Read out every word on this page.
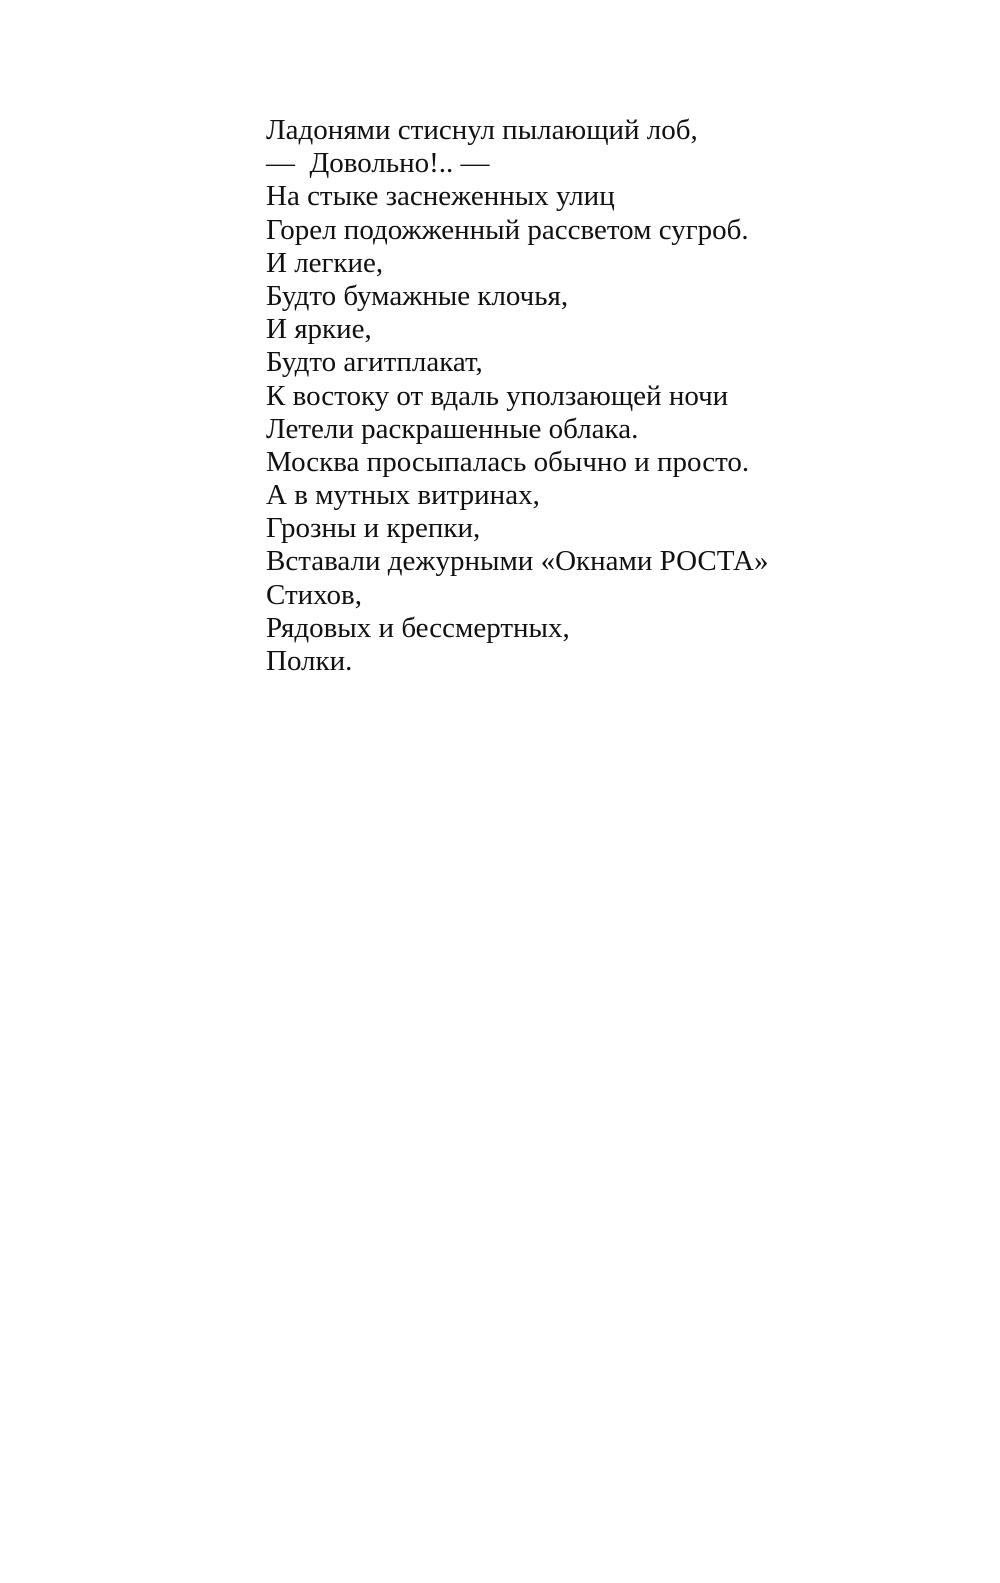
Ладонями стиснул пылающий лоб,
—  Довольно!.. —
На стыке заснеженных улиц
Горел подожженный рассветом сугроб.
И легкие,
Будто бумажные клочья,
И яркие,
Будто агитплакат,
К востоку от вдаль уползающей ночи
Летели раскрашенные облака.
Москва просыпалась обычно и просто.
А в мутных витринах,
Грозны и крепки,
Вставали дежурными «Окнами РОСТА»
Стихов,
Рядовых и бессмертных,
Полки.
